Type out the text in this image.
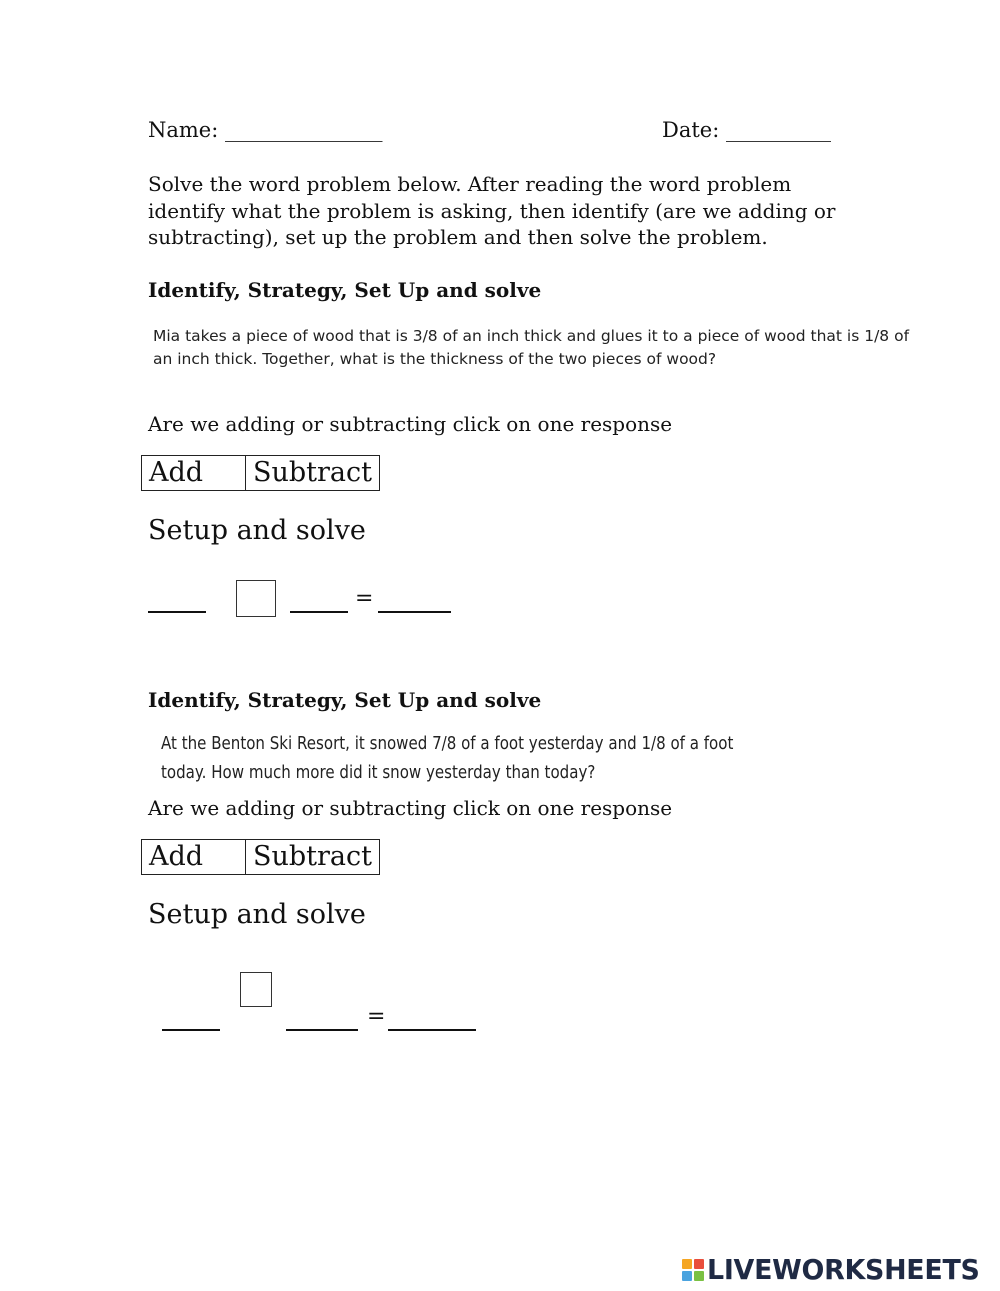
Name: _______________	Date: __________
Solve the word problem below. After reading the word problem identify what the problem is asking, then identify (are we adding or subtracting), set up the problem and then solve the problem.
Identify, Strategy, Set Up and solve
Mia takes a piece of wood that is 3/8 of an inch thick and glues it to a piece of wood that is 1/8 of an inch thick. Together, what is the thickness of the two pieces of wood?
Are we adding or subtracting click on one response
Add	Subtract
Setup and solve
=
Identify, Strategy, Set Up and solve
At the Benton Ski Resort, it snowed 7/8 of a foot yesterday and 1/8 of a foot today. How much more did it snow yesterday than today?
Are we adding or subtracting click on one response
Add	Subtract
Setup and solve
=
LIVEWORKSHEETS
